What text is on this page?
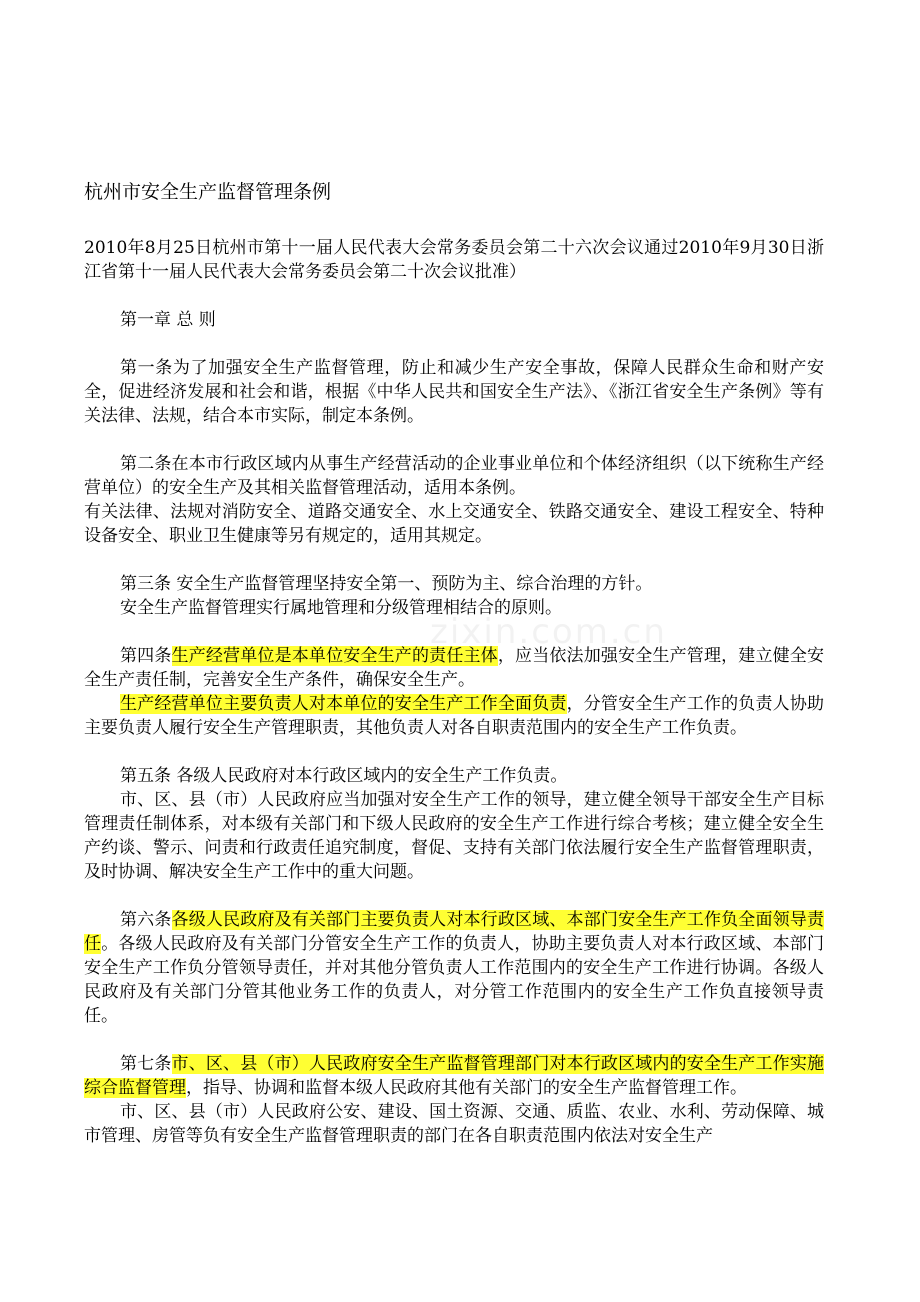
zixin.com.cn
杭州市安全生产监督管理条例

2010年8月25日杭州市第十一届人民代表大会常务委员会第二十六次会议通过2010年9月30日浙江省第十一届人民代表大会常务委员会第二十次会议批准）

第一章 总 则

第一条为了加强安全生产监督管理，防止和减少生产安全事故，保障人民群众生命和财产安全，促进经济发展和社会和谐，根据《中华人民共和国安全生产法》、《浙江省安全生产条例》等有关法律、法规，结合本市实际，制定本条例。

第二条在本市行政区域内从事生产经营活动的企业事业单位和个体经济组织（以下统称生产经营单位）的安全生产及其相关监督管理活动，适用本条例。

有关法律、法规对消防安全、道路交通安全、水上交通安全、铁路交通安全、建设工程安全、特种设备安全、职业卫生健康等另有规定的，适用其规定。

第三条 安全生产监督管理坚持安全第一、预防为主、综合治理的方针。

安全生产监督管理实行属地管理和分级管理相结合的原则。

第四条生产经营单位是本单位安全生产的责任主体，应当依法加强安全生产管理，建立健全安全生产责任制，完善安全生产条件，确保安全生产。

生产经营单位主要负责人对本单位的安全生产工作全面负责，分管安全生产工作的负责人协助主要负责人履行安全生产管理职责，其他负责人对各自职责范围内的安全生产工作负责。

第五条 各级人民政府对本行政区域内的安全生产工作负责。

市、区、县（市）人民政府应当加强对安全生产工作的领导，建立健全领导干部安全生产目标管理责任制体系，对本级有关部门和下级人民政府的安全生产工作进行综合考核；建立健全安全生产约谈、警示、问责和行政责任追究制度，督促、支持有关部门依法履行安全生产监督管理职责，及时协调、解决安全生产工作中的重大问题。

第六条各级人民政府及有关部门主要负责人对本行政区域、本部门安全生产工作负全面领导责任。各级人民政府及有关部门分管安全生产工作的负责人，协助主要负责人对本行政区域、本部门安全生产工作负分管领导责任，并对其他分管负责人工作范围内的安全生产工作进行协调。各级人民政府及有关部门分管其他业务工作的负责人，对分管工作范围内的安全生产工作负直接领导责任。

第七条市、区、县（市）人民政府安全生产监督管理部门对本行政区域内的安全生产工作实施综合监督管理，指导、协调和监督本级人民政府其他有关部门的安全生产监督管理工作。

市、区、县（市）人民政府公安、建设、国土资源、交通、质监、农业、水利、劳动保障、城市管理、房管等负有安全生产监督管理职责的部门在各自职责范围内依法对安全生产
